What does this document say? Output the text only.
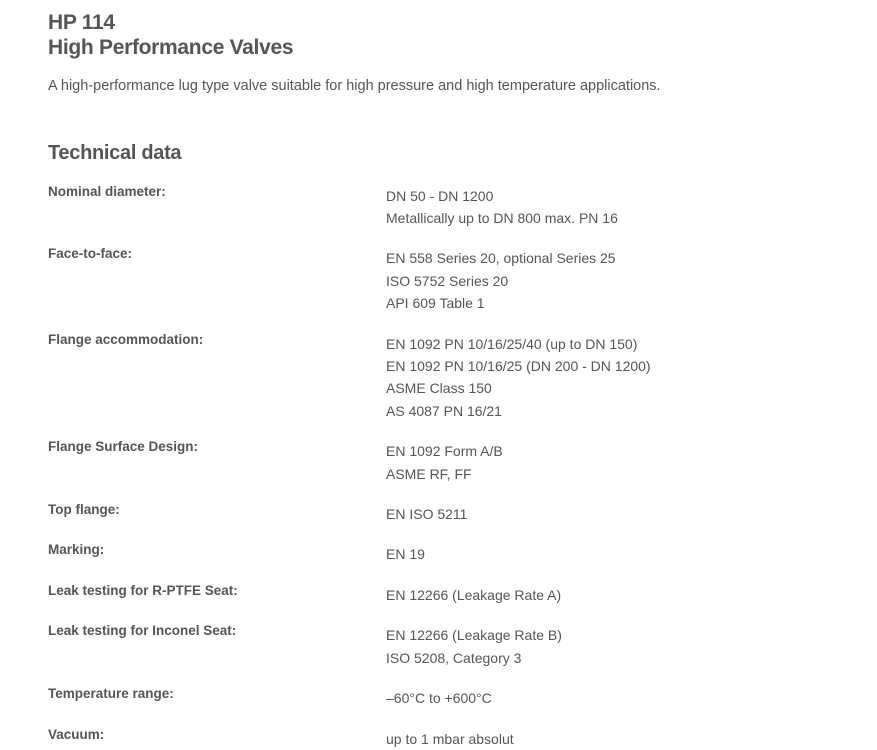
HP 114
High Performance Valves
A high-performance lug type valve suitable for high pressure and high temperature applications.
Technical data
Nominal diameter:	DN 50 - DN 1200
Metallically up to DN 800 max. PN 16
Face-to-face:	EN 558 Series 20, optional Series 25
ISO 5752 Series 20
API 609 Table 1
Flange accommodation:	EN 1092 PN 10/16/25/40 (up to DN 150)
EN 1092 PN 10/16/25 (DN 200 - DN 1200)
ASME Class 150
AS 4087 PN 16/21
Flange Surface Design:	EN 1092 Form A/B
ASME RF, FF
Top flange:	EN ISO 5211
Marking:	EN 19
Leak testing for R-PTFE Seat:	EN 12266 (Leakage Rate A)
Leak testing for Inconel Seat:	EN 12266 (Leakage Rate B)
ISO 5208, Category 3
Temperature range:	–60°C to +600°C
Vacuum:	up to 1 mbar absolut
